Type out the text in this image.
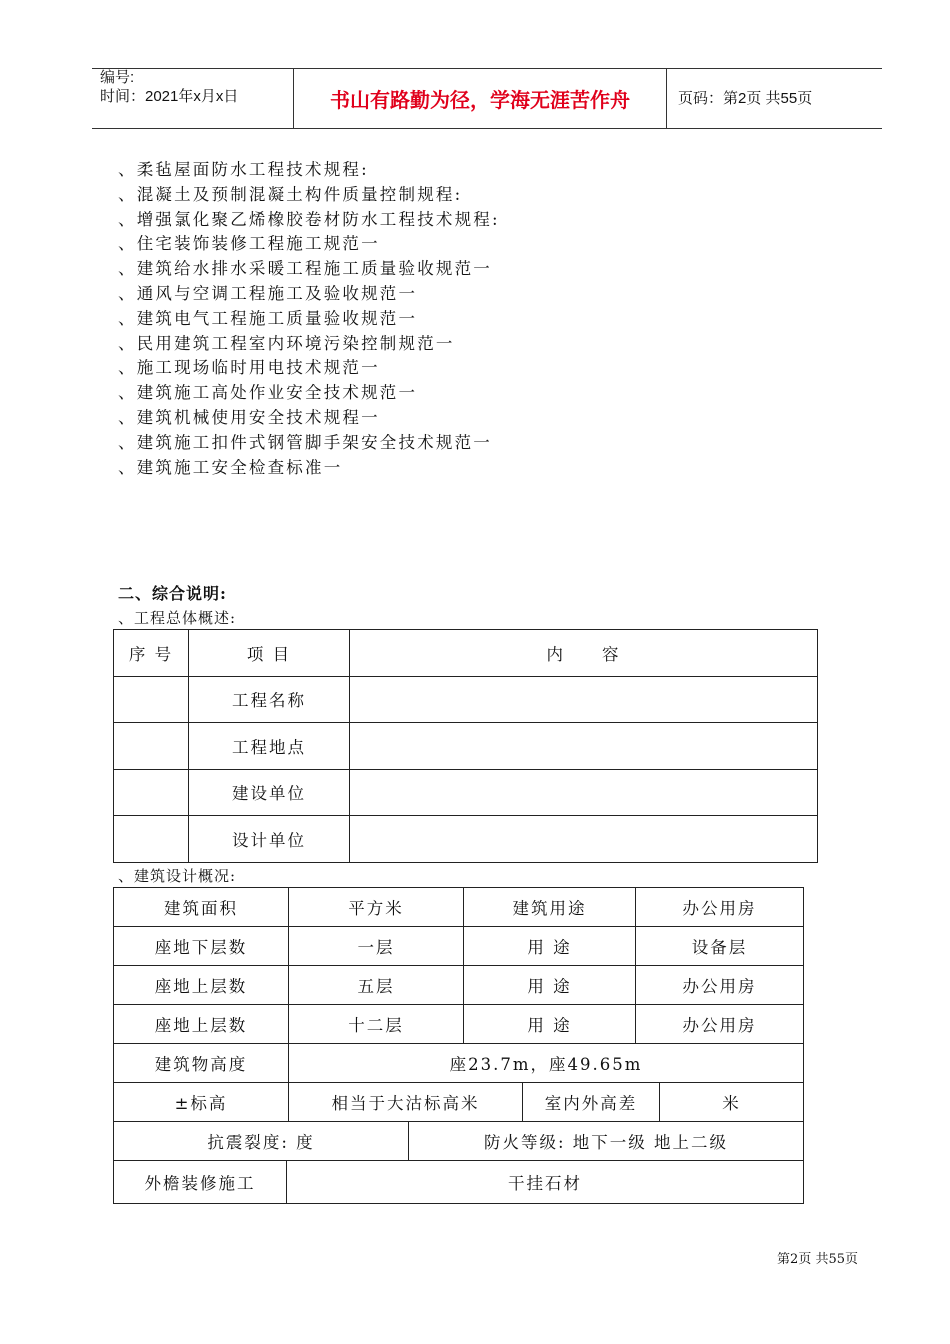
编号:
时间：2021年x月x日	书山有路勤为径，学海无涯苦作舟	页码：第2页 共55页
、柔毡屋面防水工程技术规程:
、混凝土及预制混凝土构件质量控制规程:
、增强氯化聚乙烯橡胶卷材防水工程技术规程:
、住宅装饰装修工程施工规范一
、建筑给水排水采暖工程施工质量验收规范一
、通风与空调工程施工及验收规范一
、建筑电气工程施工质量验收规范一
、民用建筑工程室内环境污染控制规范一
、施工现场临时用电技术规范一
、建筑施工高处作业安全技术规范一
、建筑机械使用安全技术规程一
、建筑施工扣件式钢管脚手架安全技术规范一
、建筑施工安全检查标准一
二、综合说明:
、工程总体概述:
序 号	项 目	内　　容
	工程名称	
	工程地点	
	建设单位	
	设计单位	
、建筑设计概况:
建筑面积		平方米		建筑用途		办公用房	
座地下层数		一层		用 途		设备层	
座地上层数		五层		用 途		办公用房	
座地上层数		十二层		用 途		办公用房	
建筑物高度		座23.7m，座49.65m					
±标高		相当于大沽标高米			室内外高差		米
抗震裂度: 度			防火等级: 地下一级 地上二级				
外檐装修施工	干挂石材						
第2页 共55页
